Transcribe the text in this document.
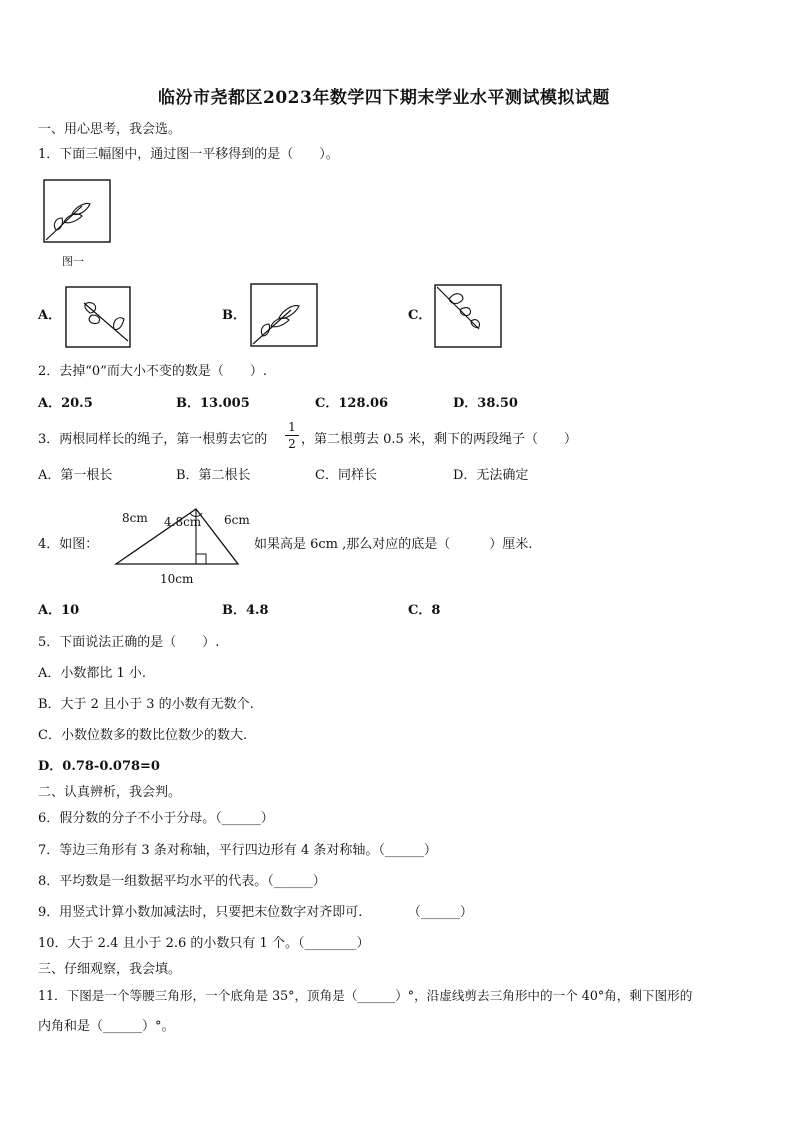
临汾市尧都区2023年数学四下期末学业水平测试模拟试题
一、用心思考，我会选。
1．下面三幅图中，通过图一平移得到的是（　　）。
图一
A．	B．	C．
2．去掉“0”而大小不变的数是（　　）.
A．20.5	B．13.005	C．128.06	D．38.50
3．两根同样长的绳子，第一根剪去它的
1
2 ，第二根剪去 0.5 米，剩下的两段绳子（　　）
A．第一根长	B．第二根长	C．同样长	D．无法确定
4．如图：
8cm 4.8cm 6cm
10cm
如果高是 6cm ,那么对应的底是（　　　）厘米.
A．10	B．4.8	C．8
5．下面说法正确的是（　　）.
A．小数都比 1 小.
B．大于 2 且小于 3 的小数有无数个.
C．小数位数多的数比位数少的数大.
D．0.78-0.078=0
二、认真辨析，我会判。
6．假分数的分子不小于分母。（______）
7．等边三角形有 3 条对称轴，平行四边形有 4 条对称轴。（______）
8．平均数是一组数据平均水平的代表。（______）
9．用竖式计算小数加减法时，只要把末位数字对齐即可.　　　　（______）
10．大于 2.4 且小于 2.6 的小数只有 1 个。（________）
三、仔细观察，我会填。
11．下图是一个等腰三角形，一个底角是 35°，顶角是（______）°，沿虚线剪去三角形中的一个 40°角，剩下图形的
内角和是（______）°。
